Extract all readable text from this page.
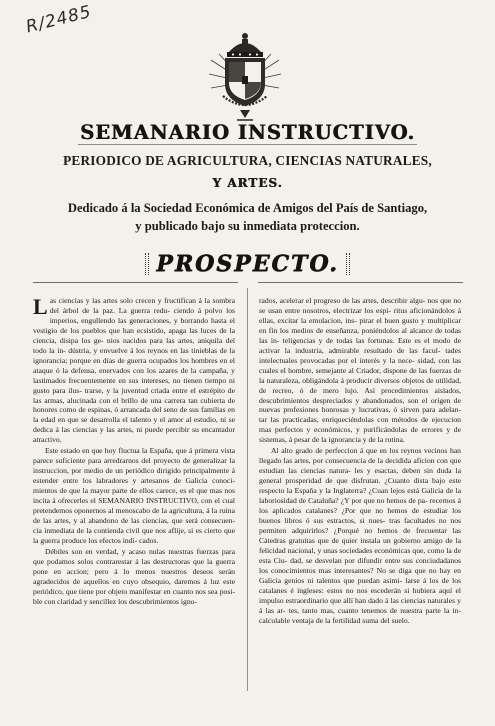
R/2485
SEMANARIO INSTRUCTIVO.
PERIODICO DE AGRICULTURA, CIENCIAS NATURALES,
Y ARTES.
Dedicado á la Sociedad Económica de Amigos del País de Santiago,
y publicado bajo su inmediata proteccion.
PROSPECTO.

Las ciencias y las artes solo crecen y fructifican á la sombra del árbol de la paz. La guerra redu- ciendo á polvo los imperios, engullendo las generaciones, y borrando hasta el vestigio de los pueblos que han ecsistido, apaga las luces de la ciencia, disipa los ge- nios nacidos para las artes, aniquila del todo la in- dústria, y envuelve á los reynos en las tinieblas de la ignorancia; porque en días de guerra ocupados los hombres en el ataque ó la defensa, enervados con los azares de la campaña, y lastimados frecuentemente en sus intereses, no tienen tiempo ni gusto para ilus- trarse, y la juventud criada entre el estrépito de las armas, alucinada con el brillo de una carrera tan cubierta de honores como de espinas, ó arrancada del seno de sus familias en la edad en que se desarrolla el talento y el amor al estudio, ni se dedica á las ciencias y las artes, ni puede percibir su encantador atractivo.

Este estado en que hoy fluctua la España, que á primera vista parece suficiente para arredrarnos del proyecto de generalizar la instruccion, por medio de un periódico dirigido principalmente á estender entre los labradores y artesanos de Galicia conoci- mientos de que la mayor parte de ellos carece, es el que mas nos incita á ofrecerles el SEMANARIO INSTRUCTIVO, con el cual pretendemos oponernos al menoscabo de la agricultura, á la ruina de las artes, y al abandono de las ciencias, que será consecuen- cia inmediata de la contienda civil que nos aflije, si es cierto que la guerra produce los efectos indi- cados.

Débiles son en verdad, y acaso nulas nuestras fuerzas para que podamos solos contrarestar á las destructoras que la guerra pone en accion; pero á lo menos nuestros deseos serán agradecidos de aquellos en cuyo obsequio, daremos á luz este periódico, que tiene por objeto manifestar en cuanto nos sea posi- ble con claridad y sencillez los descubrimientos igno-

rados, acelerar el progreso de las artes, describir algu- nos que no se usan entre nosotros, electrizar los espí- ritus aficionándolos á ellas, excitar la emulacion, ins- pirar el buen gusto y multiplicar en fin los medios de enseñanza, poniéndolos al alcance de todas las in- teligencias y de todas las fortunas. Este es el modo de activar la industria, admirable resultado de las facul- tades intelectuales provocadas por el interés y la nece- sidad, con las cuales el hombre, semejante al Criador, dispone de las fuerzas de la naturaleza, obligándola á producir diversos objetos de utilidad, de recreo, ó de mero lujo. Así procedimientos aislados, descubrimientos despreciados y abandonados, son el orígen de nuevas profesiones honrosas y lucrativas, ó sirven para adelan- tar las practicadas, enriqueciéndolas con métodos de ejecucion mas perfectos y económicos, y purificándolas de errores y de sistemas, á pesar de la ignorancia y de la rutina.

Al alto grado de perfeccion á que en los reynos vecinos han llegado las artes, por consecuencia de la decidida aficion con que estudian las ciencias natura- les y esactas, deben sin duda la general prosperidad de que disfrutan. ¿Cuanto dista bajo este respecto la España y la Inglaterra? ¿Cuan lejos está Galicia de la laboriosidad de Cataluña? ¿Y por que no hemos de pa- recernos á los aplicados catalanes? ¿Por que no hemos de estudiar los buenos libros ó sus estractos, si nues- tras facultades no nos permiten adquirirlos? ¿Porqué no hemos de frecuentar las Cátedras gratuitas que de quier instala un gobierno amigo de la felicidad nacional, y unas sociedades económicas que, como la de esta Ciu- dad, se desvelan por difundir entre sus conciudadanos los conocimientos mas interesantes? No se diga que no hay en Galicia genios ni talentos que puedan asimi- larse á los de los catalanes é ingleses: estos no nos escederán si hubiera aquí el impulso estraordinario que allí han dado á las ciencias naturales y á las ar- tes, tanto mas, cuanto tenemos de nuestra parte la in- calculable ventaja de la fertilidad suma del suelo.
